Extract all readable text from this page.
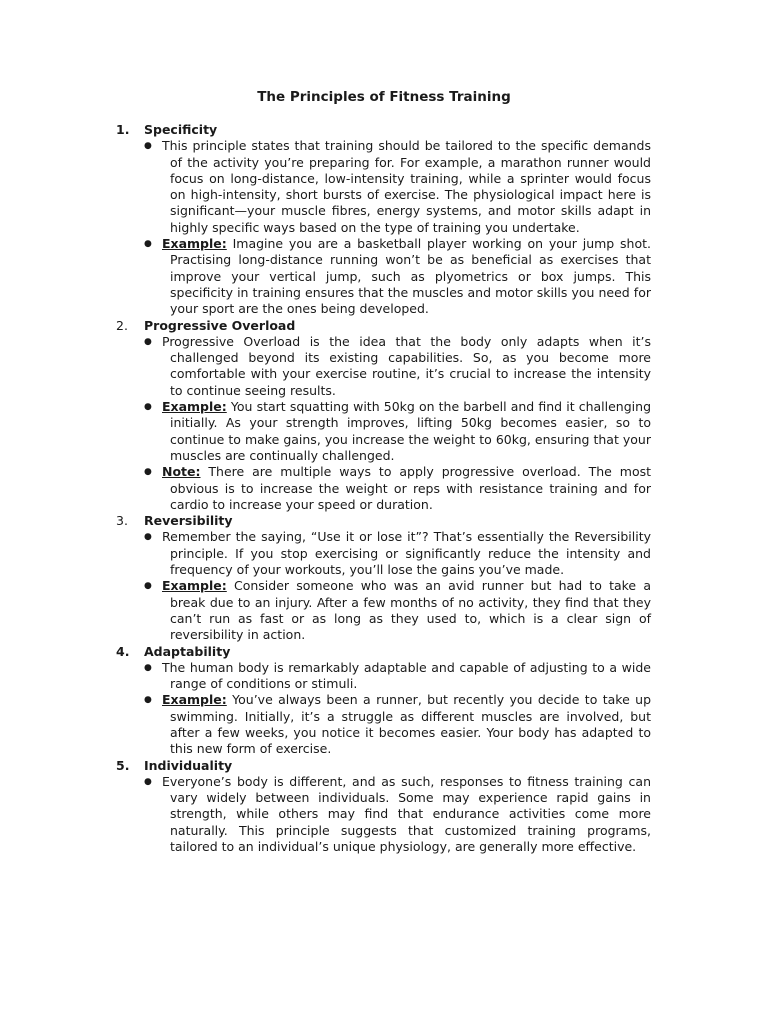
The Principles of Fitness Training
1. Specificity
● This principle states that training should be tailored to the specific demands of the activity you’re preparing for. For example, a marathon runner would focus on long-distance, low-intensity training, while a sprinter would focus on high-intensity, short bursts of exercise. The physiological impact here is significant—your muscle fibres, energy systems, and motor skills adapt in highly specific ways based on the type of training you undertake.
● Example: Imagine you are a basketball player working on your jump shot. Practising long-distance running won’t be as beneficial as exercises that improve your vertical jump, such as plyometrics or box jumps. This specificity in training ensures that the muscles and motor skills you need for your sport are the ones being developed.
2. Progressive Overload
● Progressive Overload is the idea that the body only adapts when it’s challenged beyond its existing capabilities. So, as you become more comfortable with your exercise routine, it’s crucial to increase the intensity to continue seeing results.
● Example: You start squatting with 50kg on the barbell and find it challenging initially. As your strength improves, lifting 50kg becomes easier, so to continue to make gains, you increase the weight to 60kg, ensuring that your muscles are continually challenged.
● Note: There are multiple ways to apply progressive overload. The most obvious is to increase the weight or reps with resistance training and for cardio to increase your speed or duration.
3. Reversibility
● Remember the saying, “Use it or lose it”? That’s essentially the Reversibility principle. If you stop exercising or significantly reduce the intensity and frequency of your workouts, you’ll lose the gains you’ve made.
● Example: Consider someone who was an avid runner but had to take a break due to an injury. After a few months of no activity, they find that they can’t run as fast or as long as they used to, which is a clear sign of reversibility in action.
4. Adaptability
● The human body is remarkably adaptable and capable of adjusting to a wide range of conditions or stimuli.
● Example: You’ve always been a runner, but recently you decide to take up swimming. Initially, it’s a struggle as different muscles are involved, but after a few weeks, you notice it becomes easier. Your body has adapted to this new form of exercise.
5. Individuality
● Everyone’s body is different, and as such, responses to fitness training can vary widely between individuals. Some may experience rapid gains in strength, while others may find that endurance activities come more naturally. This principle suggests that customized training programs, tailored to an individual’s unique physiology, are generally more effective.
